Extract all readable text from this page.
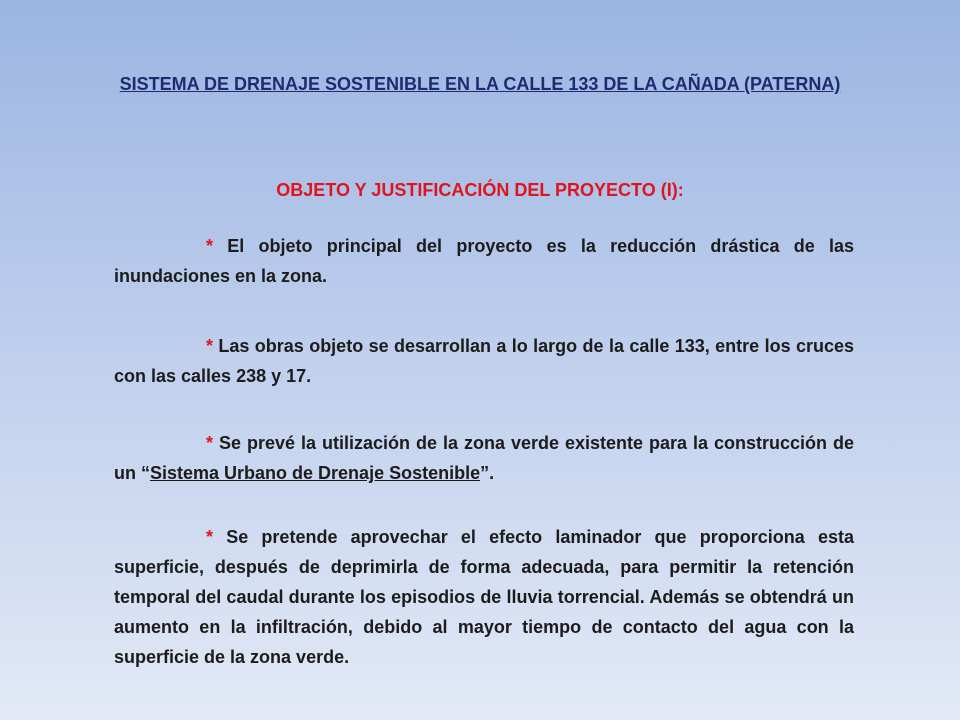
SISTEMA DE DRENAJE SOSTENIBLE EN LA CALLE 133 DE LA CAÑADA (PATERNA)
OBJETO Y JUSTIFICACIÓN DEL PROYECTO (I):

* El objeto principal del proyecto es la reducción drástica de las inundaciones en la zona.

* Las obras objeto se desarrollan a lo largo de la calle 133, entre los cruces con las calles 238 y 17.

* Se prevé la utilización de la zona verde existente para la construcción de un “Sistema Urbano de Drenaje Sostenible”.

* Se pretende aprovechar el efecto laminador que proporciona esta superficie, después de deprimirla de forma adecuada, para permitir la retención temporal del caudal durante los episodios de lluvia torrencial. Además se obtendrá un aumento en la infiltración, debido al mayor tiempo de contacto del agua con la superficie de la zona verde.
